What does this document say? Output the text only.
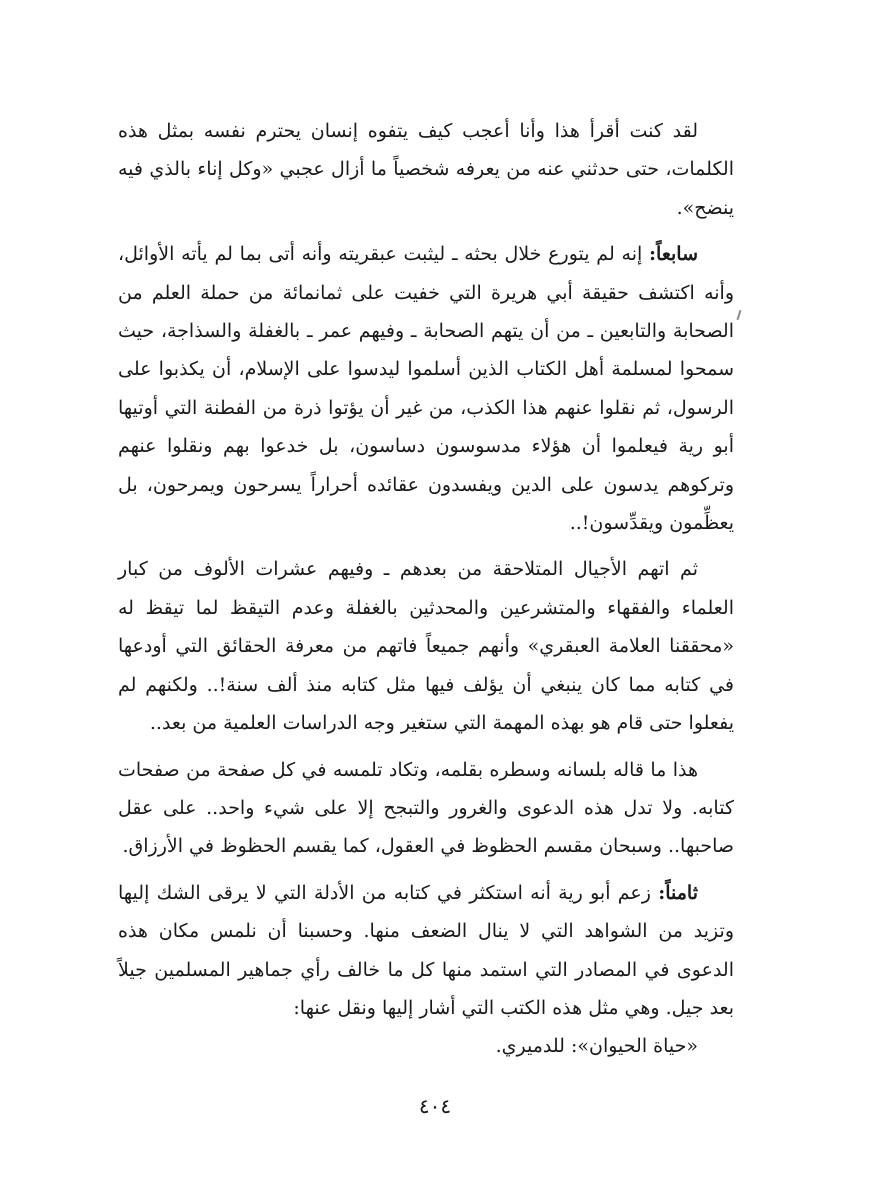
لقد كنت أقرأ هذا وأنا أعجب كيف يتفوه إنسان يحترم نفسه بمثل هذه الكلمات، حتى حدثني عنه من يعرفه شخصياً ما أزال عجبي «وكل إناء بالذي فيه ينضح».

سابعاً: إنه لم يتورع خلال بحثه ـ ليثبت عبقريته وأنه أتى بما لم يأته الأوائل، وأنه اكتشف حقيقة أبي هريرة التي خفيت على ثمانمائة من حملة العلم من الصحابة والتابعين ـ من أن يتهم الصحابة ـ وفيهم عمر ـ بالغفلة والسذاجة، حيث سمحوا لمسلمة أهل الكتاب الذين أسلموا ليدسوا على الإسلام، أن يكذبوا على الرسول، ثم نقلوا عنهم هذا الكذب، من غير أن يؤتوا ذرة من الفطنة التي أوتيها أبو رية فيعلموا أن هؤلاء مدسوسون دساسون، بل خدعوا بهم ونقلوا عنهم وتركوهم يدسون على الدين ويفسدون عقائده أحراراً يسرحون ويمرحون، بل يعظِّمون ويقدِّسون!..

ثم اتهم الأجيال المتلاحقة من بعدهم ـ وفيهم عشرات الألوف من كبار العلماء والفقهاء والمتشرعين والمحدثين بالغفلة وعدم التيقظ لما تيقظ له «محققنا العلامة العبقري» وأنهم جميعاً فاتهم من معرفة الحقائق التي أودعها في كتابه مما كان ينبغي أن يؤلف فيها مثل كتابه منذ ألف سنة!.. ولكنهم لم يفعلوا حتى قام هو بهذه المهمة التي ستغير وجه الدراسات العلمية من بعد..

هذا ما قاله بلسانه وسطره بقلمه، وتكاد تلمسه في كل صفحة من صفحات كتابه. ولا تدل هذه الدعوى والغرور والتبجح إلا على شيء واحد.. على عقل صاحبها.. وسبحان مقسم الحظوظ في العقول، كما يقسم الحظوظ في الأرزاق.

ثامناً: زعم أبو رية أنه استكثر في كتابه من الأدلة التي لا يرقى الشك إليها وتزيد من الشواهد التي لا ينال الضعف منها. وحسبنا أن نلمس مكان هذه الدعوى في المصادر التي استمد منها كل ما خالف رأي جماهير المسلمين جيلاً بعد جيل. وهي مثل هذه الكتب التي أشار إليها ونقل عنها:

«حياة الحيوان»: للدميري.

٤٠٤
